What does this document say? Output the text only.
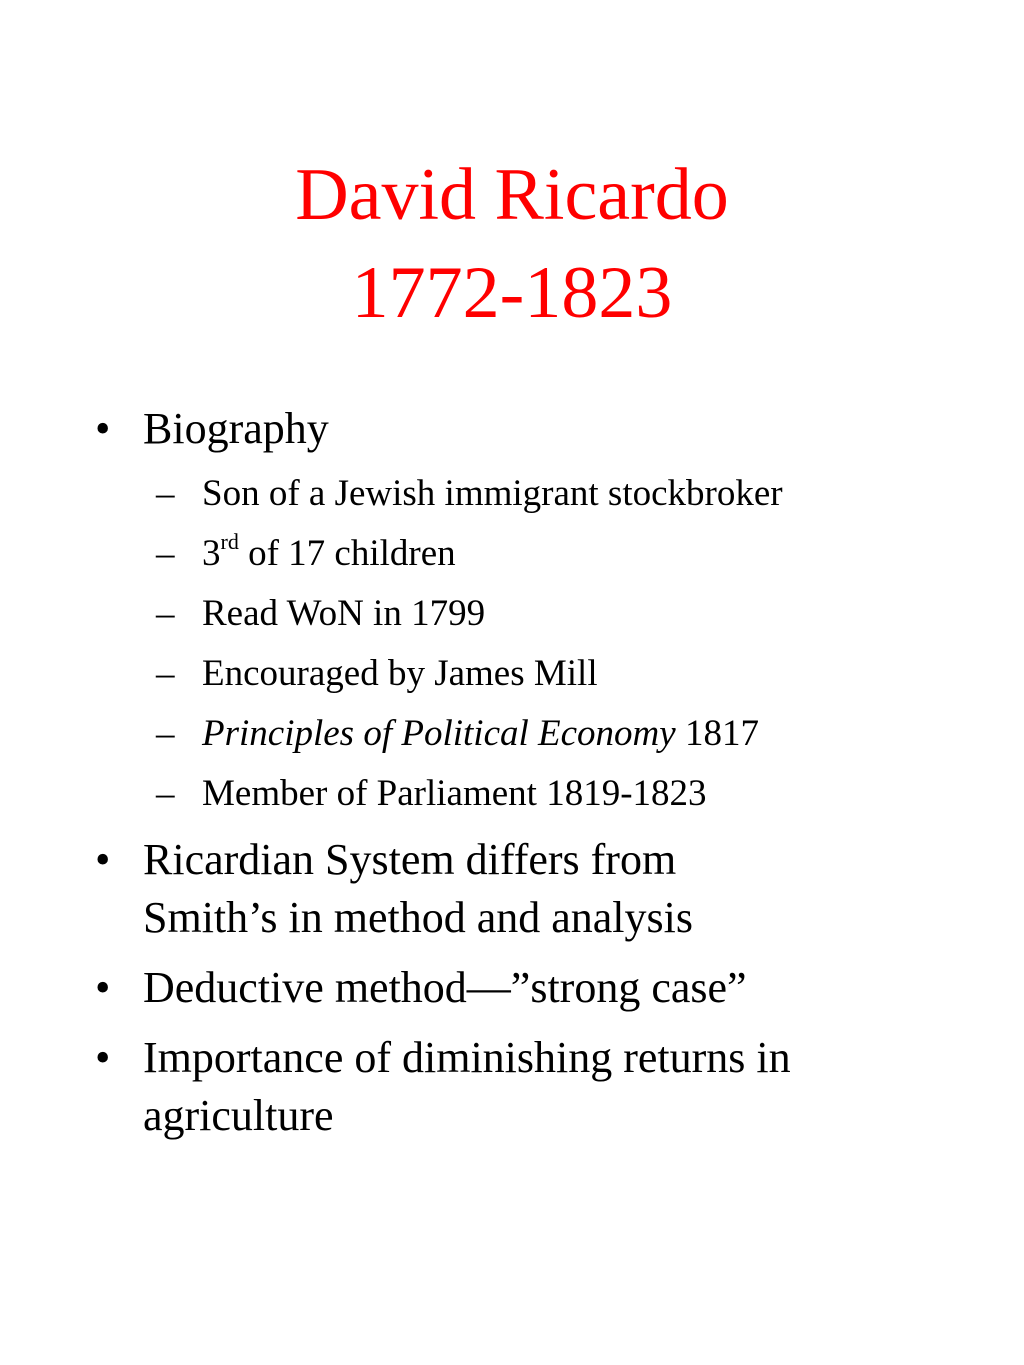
David Ricardo
1772-1823
• Biography
– Son of a Jewish immigrant stockbroker
– 3rd of 17 children
– Read WoN in 1799
– Encouraged by James Mill
– Principles of Political Economy 1817
– Member of Parliament 1819-1823
• Ricardian System differs from
Smith’s in method and analysis
• Deductive method—”strong case”
• Importance of diminishing returns in
agriculture
